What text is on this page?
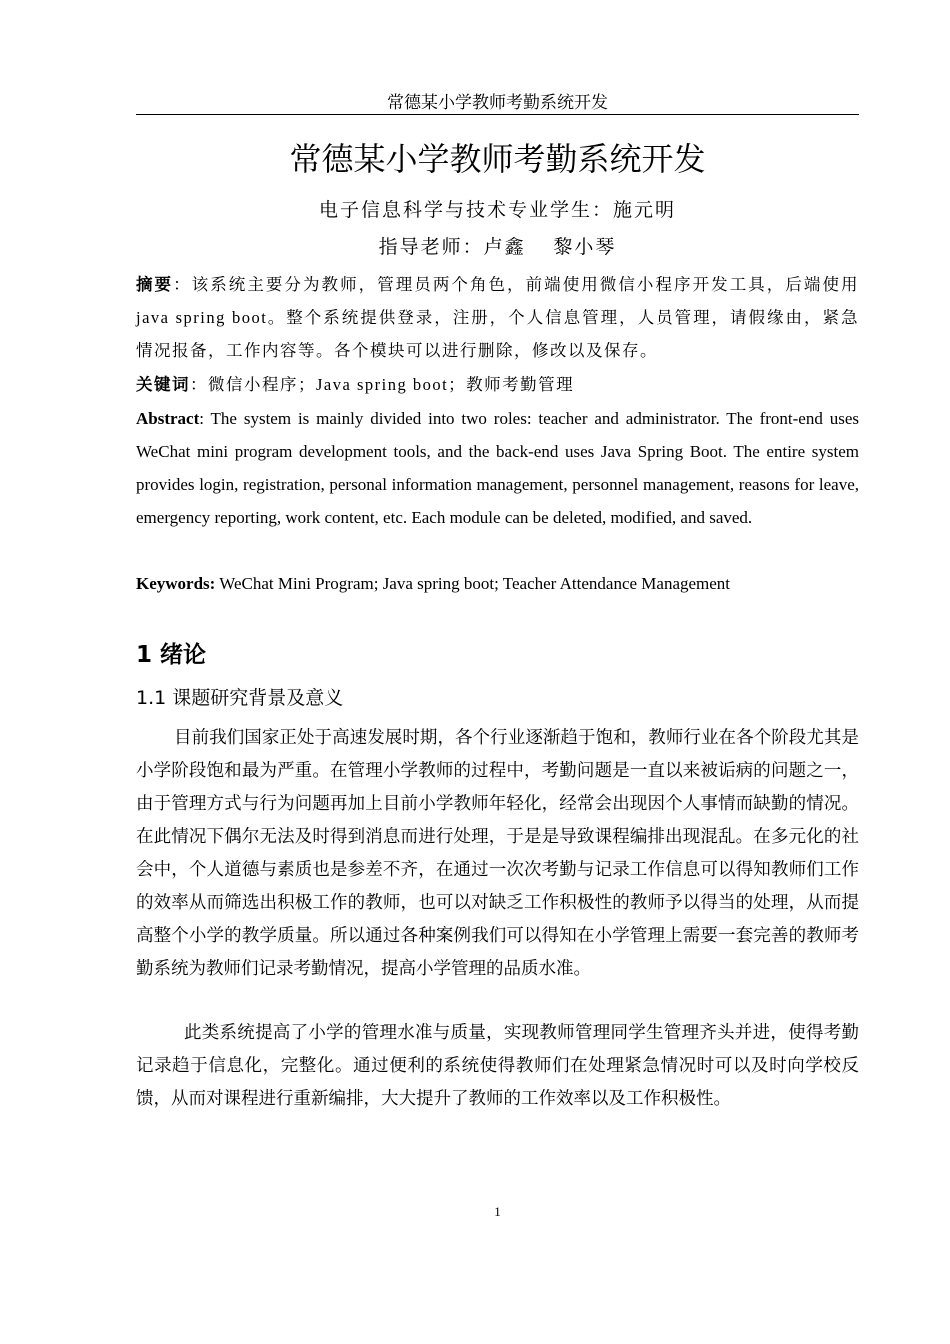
常德某小学教师考勤系统开发
常德某小学教师考勤系统开发
电子信息科学与技术专业学生：施元明
指导老师：卢鑫　 黎小琴
摘要：该系统主要分为教师，管理员两个角色，前端使用微信小程序开发工具，后端使用 java spring boot。整个系统提供登录，注册，个人信息管理，人员管理，请假缘由，紧急情况报备，工作内容等。各个模块可以进行删除，修改以及保存。
关键词：微信小程序；Java spring boot；教师考勤管理
Abstract: The system is mainly divided into two roles: teacher and administrator. The front-end uses WeChat mini program development tools, and the back-end uses Java Spring Boot. The entire system provides login, registration, personal information management, personnel management, reasons for leave, emergency reporting, work content, etc. Each module can be deleted, modified, and saved.
Keywords: WeChat Mini Program; Java spring boot; Teacher Attendance Management
1 绪论
1.1 课题研究背景及意义
目前我们国家正处于高速发展时期，各个行业逐渐趋于饱和，教师行业在各个阶段尤其是小学阶段饱和最为严重。在管理小学教师的过程中，考勤问题是一直以来被诟病的问题之一，由于管理方式与行为问题再加上目前小学教师年轻化，经常会出现因个人事情而缺勤的情况。在此情况下偶尔无法及时得到消息而进行处理，于是是导致课程编排出现混乱。在多元化的社会中，个人道德与素质也是参差不齐，在通过一次次考勤与记录工作信息可以得知教师们工作的效率从而筛选出积极工作的教师，也可以对缺乏工作积极性的教师予以得当的处理，从而提高整个小学的教学质量。所以通过各种案例我们可以得知在小学管理上需要一套完善的教师考勤系统为教师们记录考勤情况，提高小学管理的品质水准。
此类系统提高了小学的管理水准与质量，实现教师管理同学生管理齐头并进，使得考勤记录趋于信息化，完整化。通过便利的系统使得教师们在处理紧急情况时可以及时向学校反馈，从而对课程进行重新编排，大大提升了教师的工作效率以及工作积极性。
1
